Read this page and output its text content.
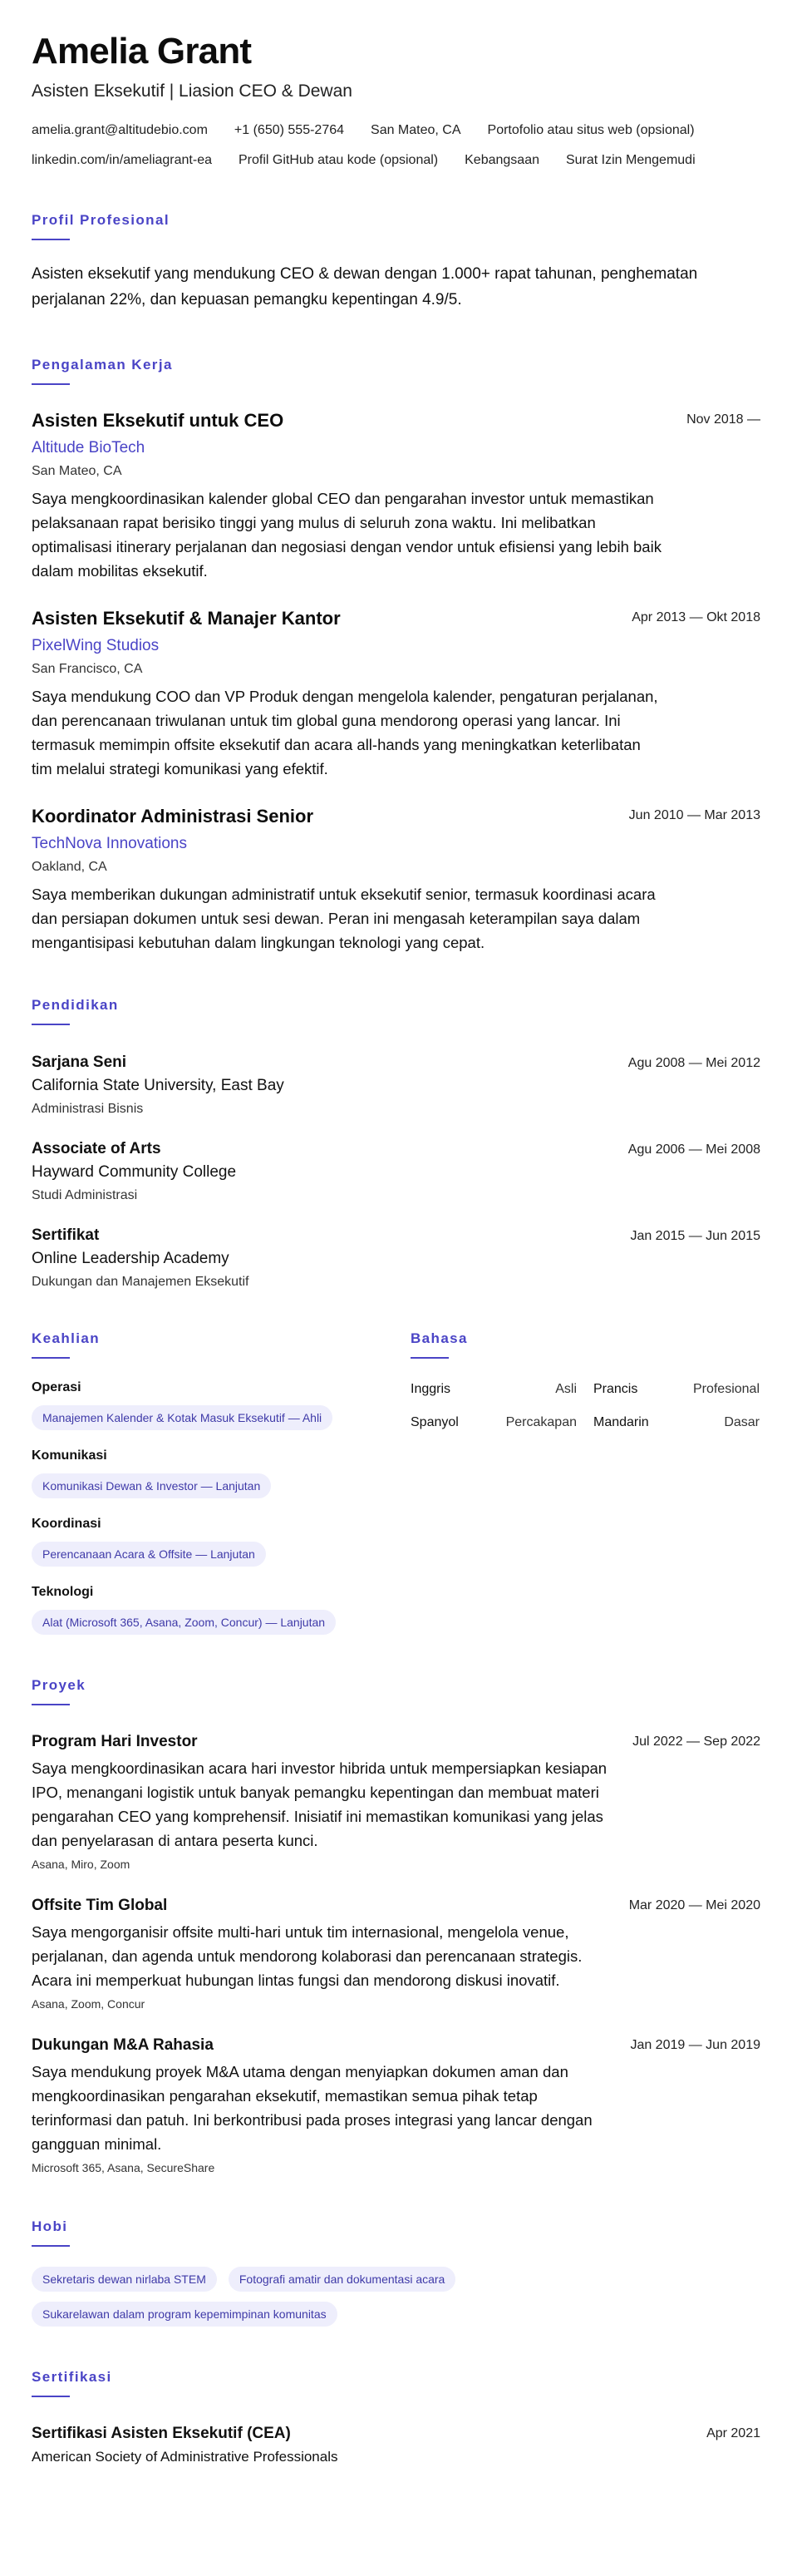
Amelia Grant
Asisten Eksekutif | Liasion CEO & Dewan
amelia.grant@altitudebio.com +1 (650) 555-2764 San Mateo, CA Portofolio atau situs web (opsional)
linkedin.com/in/ameliagrant-ea Profil GitHub atau kode (opsional) Kebangsaan Surat Izin Mengemudi
Profil Profesional

Asisten eksekutif yang mendukung CEO & dewan dengan 1.000+ rapat tahunan, penghematan perjalanan 22%, dan kepuasan pemangku kepentingan 4.9/5.

Pengalaman Kerja
Asisten Eksekutif untuk CEO
Altitude BioTech
San Mateo, CA
Nov 2018 —

Saya mengkoordinasikan kalender global CEO dan pengarahan investor untuk memastikan pelaksanaan rapat berisiko tinggi yang mulus di seluruh zona waktu. Ini melibatkan optimalisasi itinerary perjalanan dan negosiasi dengan vendor untuk efisiensi yang lebih baik dalam mobilitas eksekutif.

Asisten Eksekutif & Manajer Kantor
PixelWing Studios
San Francisco, CA
Apr 2013 — Okt 2018

Saya mendukung COO dan VP Produk dengan mengelola kalender, pengaturan perjalanan, dan perencanaan triwulanan untuk tim global guna mendorong operasi yang lancar. Ini termasuk memimpin offsite eksekutif dan acara all-hands yang meningkatkan keterlibatan tim melalui strategi komunikasi yang efektif.

Koordinator Administrasi Senior
TechNova Innovations
Oakland, CA
Jun 2010 — Mar 2013

Saya memberikan dukungan administratif untuk eksekutif senior, termasuk koordinasi acara dan persiapan dokumen untuk sesi dewan. Peran ini mengasah keterampilan saya dalam mengantisipasi kebutuhan dalam lingkungan teknologi yang cepat.

Pendidikan
Sarjana Seni
California State University, East Bay
Administrasi Bisnis
Agu 2008 — Mei 2012
Associate of Arts
Hayward Community College
Studi Administrasi
Agu 2006 — Mei 2008
Sertifikat
Online Leadership Academy
Dukungan dan Manajemen Eksekutif
Jan 2015 — Jun 2015
Keahlian
Operasi
Manajemen Kalender & Kotak Masuk Eksekutif — Ahli
Komunikasi
Komunikasi Dewan & Investor — Lanjutan
Koordinasi
Perencanaan Acara & Offsite — Lanjutan
Teknologi
Alat (Microsoft 365, Asana, Zoom, Concur) — Lanjutan
Bahasa
Inggris	Asli Prancis	Profesional
Spanyol	Percakapan Mandarin	Dasar
Proyek
Program Hari Investor	Jul 2022 — Sep 2022

Saya mengkoordinasikan acara hari investor hibrida untuk mempersiapkan kesiapan IPO, menangani logistik untuk banyak pemangku kepentingan dan membuat materi pengarahan CEO yang komprehensif. Inisiatif ini memastikan komunikasi yang jelas dan penyelarasan di antara peserta kunci.

Asana, Miro, Zoom
Offsite Tim Global	Mar 2020 — Mei 2020

Saya mengorganisir offsite multi-hari untuk tim internasional, mengelola venue, perjalanan, dan agenda untuk mendorong kolaborasi dan perencanaan strategis. Acara ini memperkuat hubungan lintas fungsi dan mendorong diskusi inovatif.

Asana, Zoom, Concur
Dukungan M&A Rahasia	Jan 2019 — Jun 2019

Saya mendukung proyek M&A utama dengan menyiapkan dokumen aman dan mengkoordinasikan pengarahan eksekutif, memastikan semua pihak tetap terinformasi dan patuh. Ini berkontribusi pada proses integrasi yang lancar dengan gangguan minimal.

Microsoft 365, Asana, SecureShare
Hobi
Sekretaris dewan nirlaba STEM	Fotografi amatir dan dokumentasi acara
Sukarelawan dalam program kepemimpinan komunitas
Sertifikasi
Sertifikasi Asisten Eksekutif (CEA)
American Society of Administrative Professionals
Apr 2021
